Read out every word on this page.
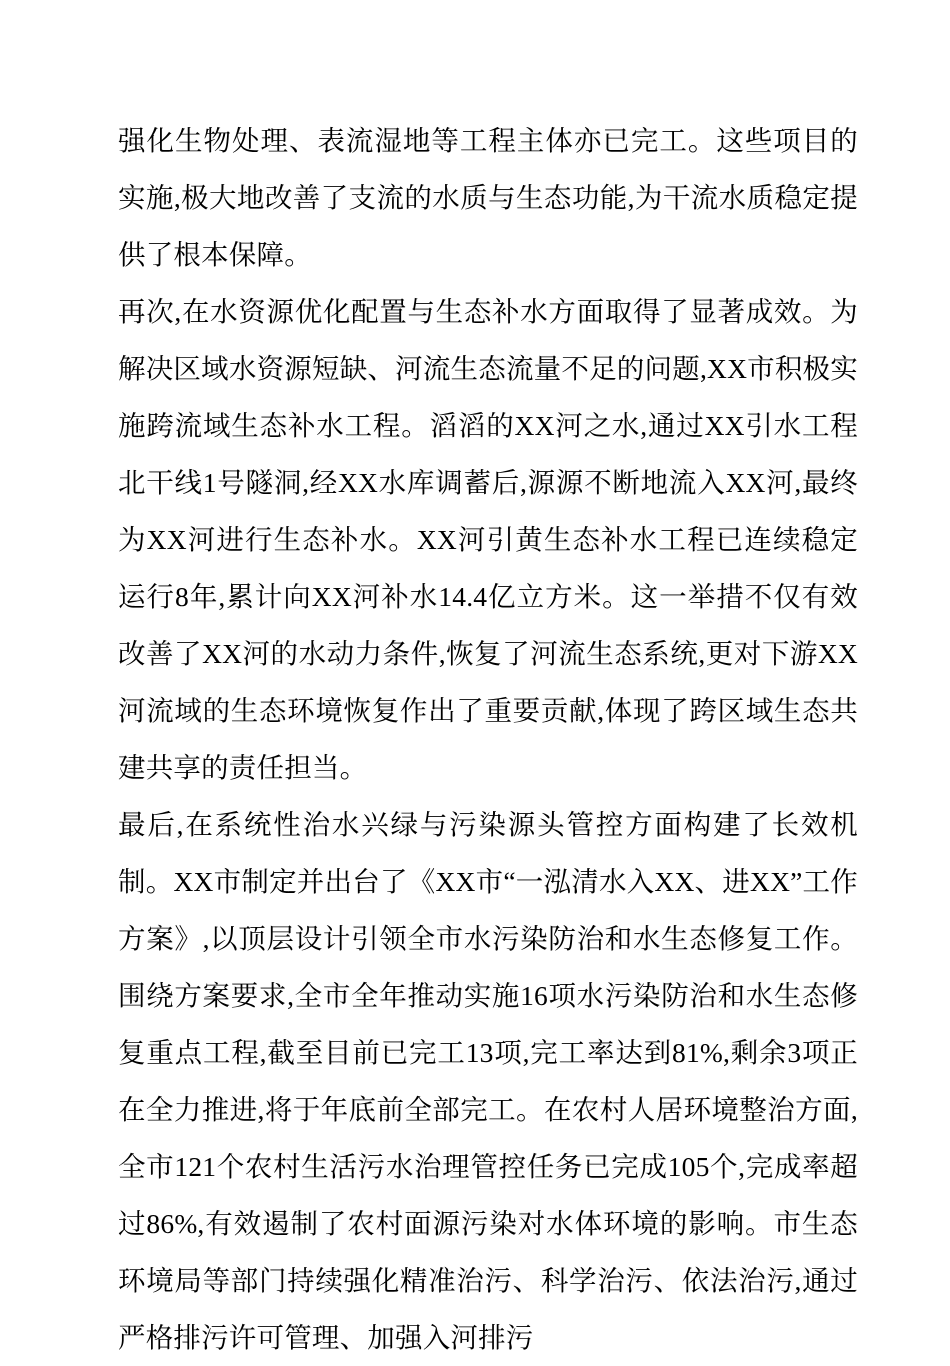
强化生物处理、表流湿地等工程主体亦已完工。这些项目的实施,极大地改善了支流的水质与生态功能,为干流水质稳定提供了根本保障。

再次,在水资源优化配置与生态补水方面取得了显著成效。为解决区域水资源短缺、河流生态流量不足的问题,XX市积极实施跨流域生态补水工程。滔滔的XX河之水,通过XX引水工程北干线1号隧洞,经XX水库调蓄后,源源不断地流入XX河,最终为XX河进行生态补水。XX河引黄生态补水工程已连续稳定运行8年,累计向XX河补水14.4亿立方米。这一举措不仅有效改善了XX河的水动力条件,恢复了河流生态系统,更对下游XX河流域的生态环境恢复作出了重要贡献,体现了跨区域生态共建共享的责任担当。

最后,在系统性治水兴绿与污染源头管控方面构建了长效机制。XX市制定并出台了《XX市“一泓清水入XX、进XX”工作方案》,以顶层设计引领全市水污染防治和水生态修复工作。围绕方案要求,全市全年推动实施16项水污染防治和水生态修复重点工程,截至目前已完工13项,完工率达到81%,剩余3项正在全力推进,将于年底前全部完工。在农村人居环境整治方面,全市121个农村生活污水治理管控任务已完成105个,完成率超过86%,有效遏制了农村面源污染对水体环境的影响。市生态环境局等部门持续强化精准治污、科学治污、依法治污,通过严格排污许可管理、加强入河排污
